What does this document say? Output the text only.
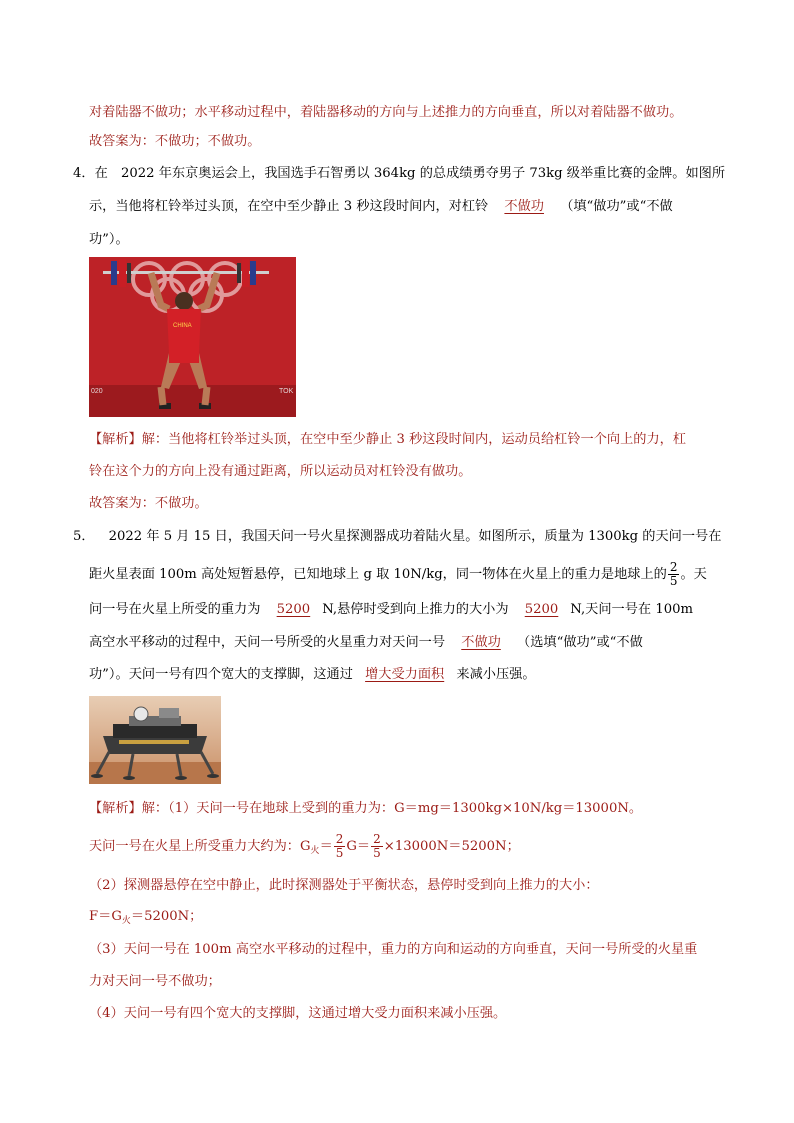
对着陆器不做功；水平移动过程中，着陆器移动的方向与上述推力的方向垂直，所以对着陆器不做功。
故答案为：不做功；不做功。
4．在　2022 年东京奥运会上，我国选手石智勇以 364kg 的总成绩勇夺男子 73kg 级举重比赛的金牌。如图所
示，当他将杠铃举过头顶，在空中至少静止 3 秒这段时间内，对杠铃 不做功 （填“做功”或“不做
功”）。
CHINA
020	TOK
【解析】解：当他将杠铃举过头顶，在空中至少静止 3 秒这段时间内，运动员给杠铃一个向上的力，杠
铃在这个力的方向上没有通过距离，所以运动员对杠铃没有做功。
故答案为：不做功。
5． 2022 年 5 月 15 日，我国天问一号火星探测器成功着陆火星。如图所示，质量为 1300kg 的天问一号在
距火星表面 100m 高处短暂悬停，已知地球上 g 取 10N/kg，同一物体在火星上的重力是地球上的 $\frac{2}{5}$ 。天
问一号在火星上所受的重力为 5200 N,悬停时受到向上推力的大小为 5200 N,天问一号在 100m
高空水平移动的过程中，天问一号所受的火星重力对天问一号 不做功 （选填“做功”或“不做
功”）。天问一号有四个宽大的支撑脚，这通过 增大受力面积 来减小压强。
【解析】解：（1）天问一号在地球上受到的重力为：G＝mg＝1300kg×10N/kg＝13000N。
天问一号在火星上所受重力大约为：$G_火= \frac{2}{5} G= \frac{2}{5} \times 13000N=5200N$；
（2）探测器悬停在空中静止，此时探测器处于平衡状态，悬停时受到向上推力的大小：
$F=G_火=5200N$；
（3）天问一号在 100m 高空水平移动的过程中，重力的方向和运动的方向垂直，天问一号所受的火星重
力对天问一号不做功；
（4）天问一号有四个宽大的支撑脚，这通过增大受力面积来减小压强。
